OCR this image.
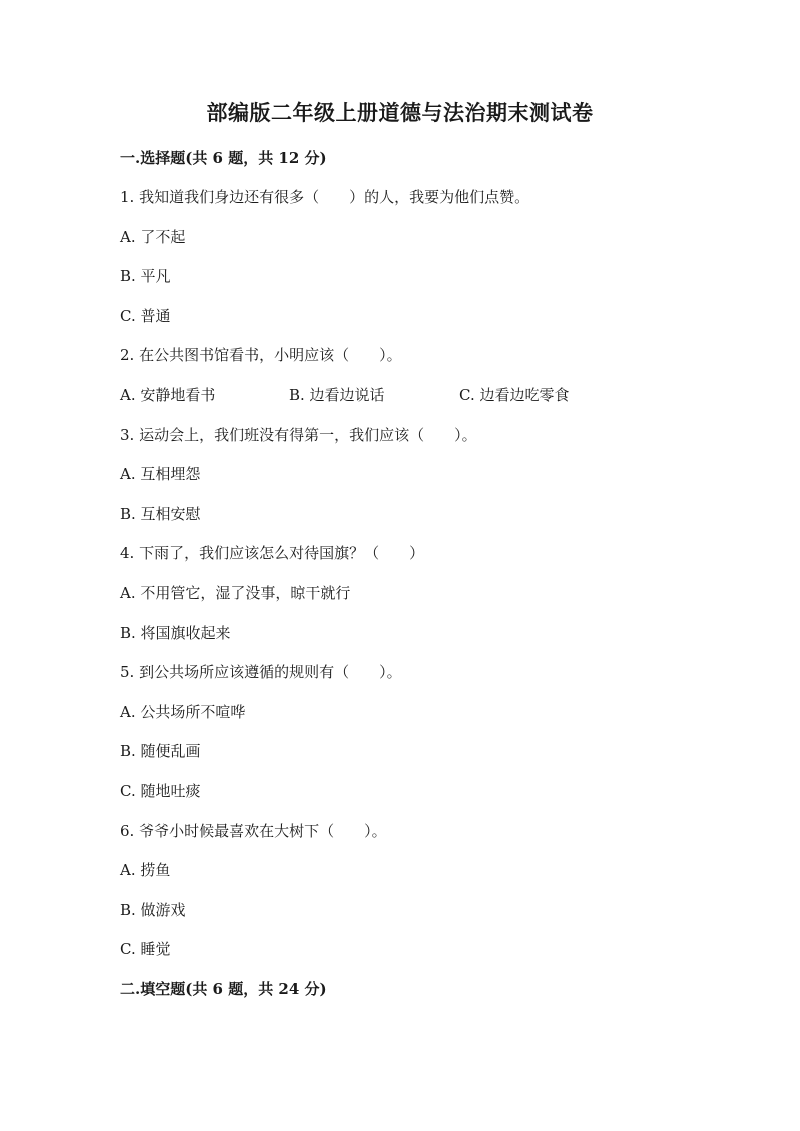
部编版二年级上册道德与法治期末测试卷
一.选择题(共 6 题，共 12 分)
1. 我知道我们身边还有很多（　　）的人，我要为他们点赞。
A. 了不起
B. 平凡
C. 普通
2. 在公共图书馆看书，小明应该（　　）。

A. 安静地看书

	B. 边看边说话

	C. 边看边吃零食

3. 运动会上，我们班没有得第一，我们应该（　　）。
A. 互相埋怨
B. 互相安慰
4. 下雨了，我们应该怎么对待国旗？（　　）
A. 不用管它，湿了没事，晾干就行
B. 将国旗收起来
5. 到公共场所应该遵循的规则有（　　）。
A. 公共场所不喧哗
B. 随便乱画
C. 随地吐痰
6. 爷爷小时候最喜欢在大树下（　　）。
A. 捞鱼
B. 做游戏
C. 睡觉
二.填空题(共 6 题，共 24 分)
